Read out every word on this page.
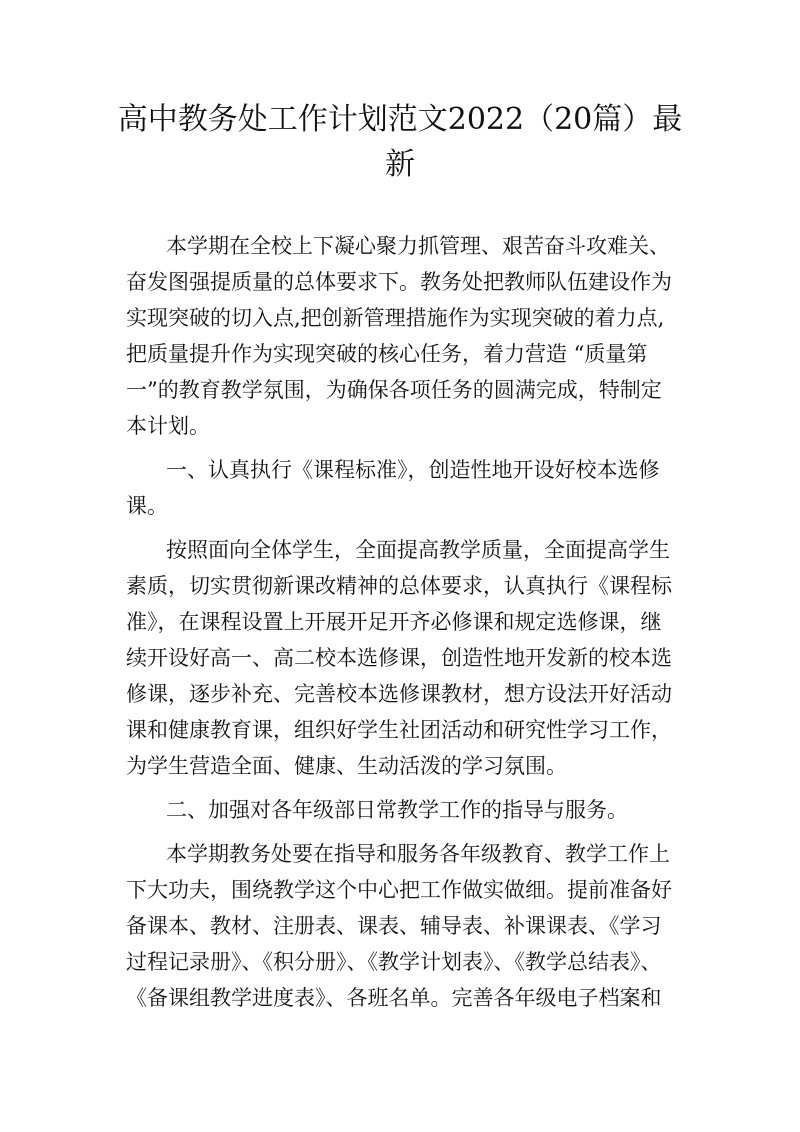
高中教务处工作计划范文2022（20篇）最
新

本学期在全校上下凝心聚力抓管理、艰苦奋斗攻难关、

奋发图强提质量的总体要求下。教务处把教师队伍建设作为

实现突破的切入点,把创新管理措施作为实现突破的着力点,

把质量提升作为实现突破的核心任务，着力营造 “质量第

一”的教育教学氛围，为确保各项任务的圆满完成，特制定

本计划。

一、认真执行《课程标准》，创造性地开设好校本选修

课。

按照面向全体学生，全面提高教学质量，全面提高学生

素质，切实贯彻新课改精神的总体要求，认真执行《课程标

准》，在课程设置上开展开足开齐必修课和规定选修课，继

续开设好高一、高二校本选修课，创造性地开发新的校本选

修课，逐步补充、完善校本选修课教材，想方设法开好活动

课和健康教育课，组织好学生社团活动和研究性学习工作，

为学生营造全面、健康、生动活泼的学习氛围。

二、加强对各年级部日常教学工作的指导与服务。

本学期教务处要在指导和服务各年级教育、教学工作上

下大功夫，围绕教学这个中心把工作做实做细。提前准备好

备课本、教材、注册表、课表、辅导表、补课课表、《学习

过程记录册》、《积分册》、《教学计划表》、《教学总结表》、

《备课组教学进度表》、各班名单。完善各年级电子档案和
